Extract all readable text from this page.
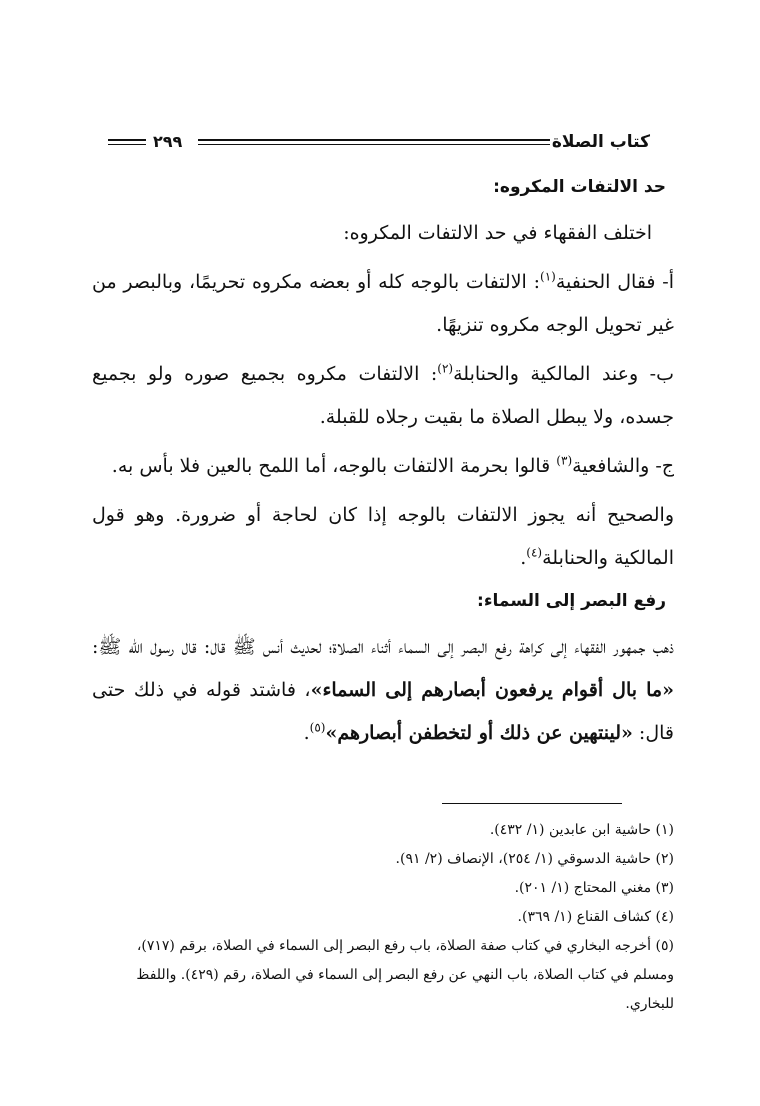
كتاب الصلاة
٢٩٩
حد الالتفات المكروه:

اختلف الفقهاء في حد الالتفات المكروه:

أ- فقال الحنفية$^{(١)}$: الالتفات بالوجه كله أو بعضه مكروه تحريمًا، وبالبصر من غير تحويل الوجه مكروه تنزيهًا.

ب- وعند المالكية والحنابلة$^{(٢)}$: الالتفات مكروه بجميع صوره ولو بجميع جسده، ولا يبطل الصلاة ما بقيت رجلاه للقبلة.

ج- والشافعية$^{(٣)}$ قالوا بحرمة الالتفات بالوجه، أما اللمح بالعين فلا بأس به.

والصحيح أنه يجوز الالتفات بالوجه إذا كان لحاجة أو ضرورة. وهو قول المالكية والحنابلة$^{(٤)}$.

رفع البصر إلى السماء:

ذهب جمهور الفقهاء إلى كراهة رفع البصر إلى السماء أثناء الصلاة؛ لحديث أنس ﷺ قال: قال رسول الله ﷺ: «ما بال أقوام يرفعون أبصارهم إلى السماء»، فاشتد قوله في ذلك حتى قال: «لينتهين عن ذلك أو لتخطفن أبصارهم»$^{(٥)}$.

(١) حاشية ابن عابدين (١/ ٤٣٢).

(٢) حاشية الدسوقي (١/ ٢٥٤)، الإنصاف (٢/ ٩١).

(٣) مغني المحتاج (١/ ٢٠١).

(٤) كشاف القناع (١/ ٣٦٩).

(٥) أخرجه البخاري في كتاب صفة الصلاة، باب رفع البصر إلى السماء في الصلاة، برقم (٧١٧)، ومسلم في كتاب الصلاة، باب النهي عن رفع البصر إلى السماء في الصلاة، رقم (٤٢٩). واللفظ للبخاري.
